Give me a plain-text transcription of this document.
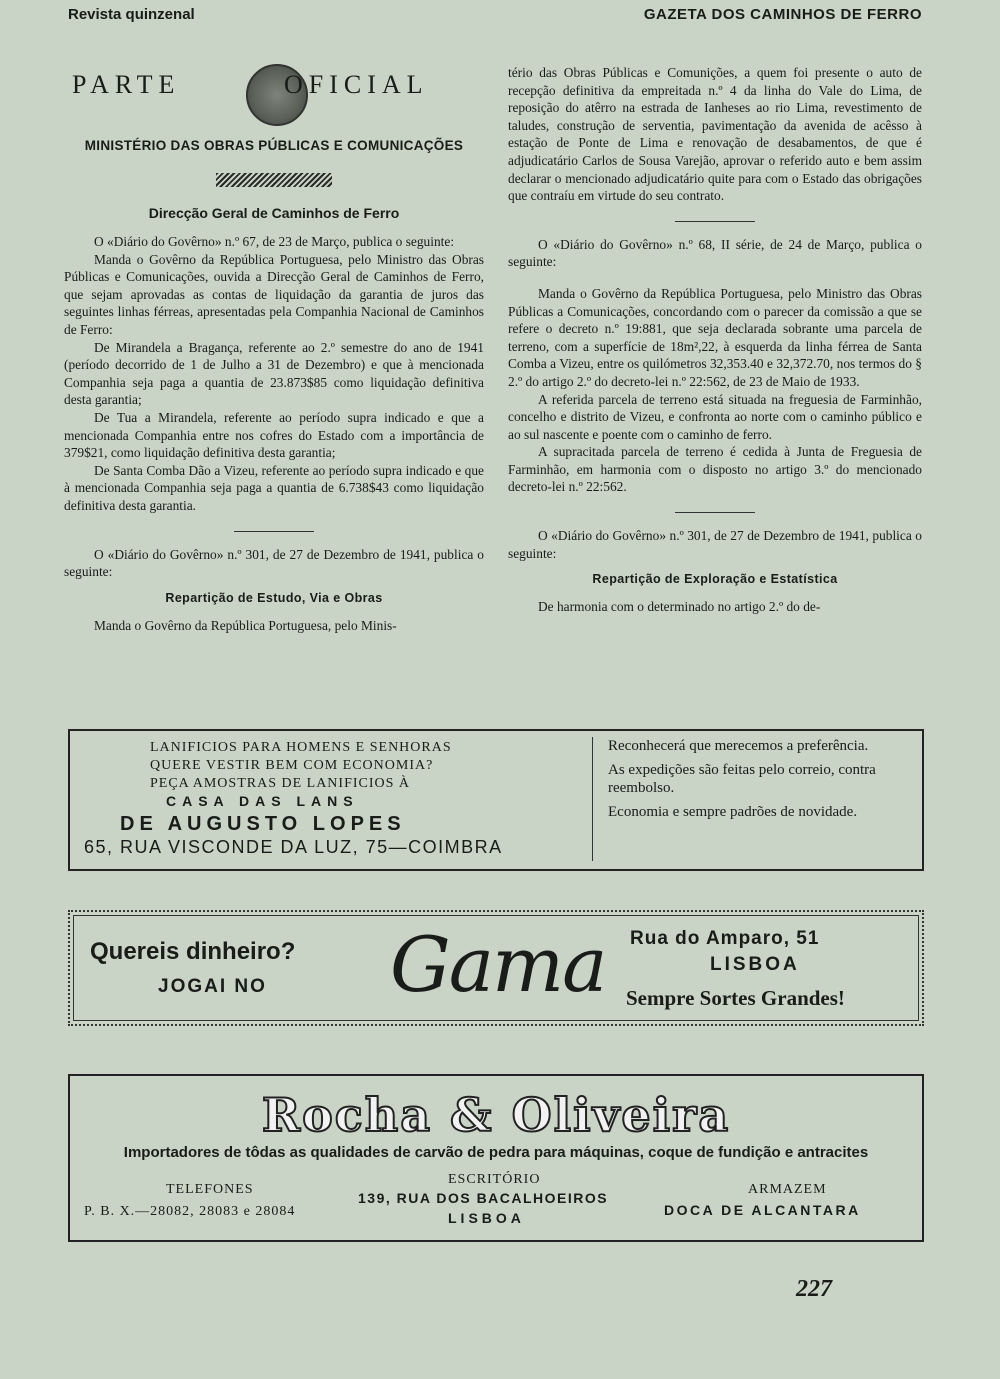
Revista quinzenal	GAZETA DOS CAMINHOS DE FERRO
PARTE	OFICIAL
MINISTÉRIO DAS OBRAS PÚBLICAS E COMUNICAÇÕES
Direcção Geral de Caminhos de Ferro

O «Diário do Govêrno» n.º 67, de 23 de Março, publica o seguinte:

Manda o Govêrno da República Portuguesa, pelo Ministro das Obras Públicas e Comunicações, ouvida a Direcção Geral de Caminhos de Ferro, que sejam aprovadas as contas de liquidação da garantia de juros das seguintes linhas férreas, apresentadas pela Companhia Nacional de Caminhos de Ferro:

De Mirandela a Bragança, referente ao 2.º semestre do ano de 1941 (período decorrido de 1 de Julho a 31 de Dezembro) e que à mencionada Companhia seja paga a quantia de 23.873$85 como liquidação definitiva desta garantia;

De Tua a Mirandela, referente ao período supra indicado e que a mencionada Companhia entre nos cofres do Estado com a importância de 379$21, como liquidação definitiva desta garantia;

De Santa Comba Dão a Vizeu, referente ao período supra indicado e que à mencionada Companhia seja paga a quantia de 6.738$43 como liquidação definitiva desta garantia.

O «Diário do Govêrno» n.º 301, de 27 de Dezembro de 1941, publica o seguinte:

Repartição de Estudo, Via e Obras

Manda o Govêrno da República Portuguesa, pelo Minis-

tério das Obras Públicas e Comunições, a quem foi presente o auto de recepção definitiva da empreitada n.º 4 da linha do Vale do Lima, de reposição do atêrro na estrada de Ianheses ao rio Lima, revestimento de taludes, construção de serventia, pavimentação da avenida de acêsso à estação de Ponte de Lima e renovação de desabamentos, de que é adjudicatário Carlos de Sousa Varejão, aprovar o referido auto e bem assim declarar o mencionado adjudicatário quite para com o Estado das obrigações que contraíu em virtude do seu contrato.

O «Diário do Govêrno» n.º 68, II série, de 24 de Março, publica o seguinte:

Manda o Govêrno da República Portuguesa, pelo Ministro das Obras Públicas a Comunicações, concordando com o parecer da comissão a que se refere o decreto n.º 19:881, que seja declarada sobrante uma parcela de terreno, com a superfície de 18m²,22, à esquerda da linha férrea de Santa Comba a Vizeu, entre os quilómetros 32,353.40 e 32,372.70, nos termos do § 2.º do artigo 2.º do decreto-lei n.º 22:562, de 23 de Maio de 1933.

A referida parcela de terreno está situada na freguesia de Farminhão, concelho e distrito de Vizeu, e confronta ao norte com o caminho público e ao sul nascente e poente com o caminho de ferro.

A supracitada parcela de terreno é cedida à Junta de Freguesia de Farminhão, em harmonia com o disposto no artigo 3.º do mencionado decreto-lei n.º 22:562.

O «Diário do Govêrno» n.º 301, de 27 de Dezembro de 1941, publica o seguinte:

Repartição de Exploração e Estatística

De harmonia com o determinado no artigo 2.º do de-

LANIFICIOS PARA HOMENS E SENHORAS
QUERE VESTIR BEM COM ECONOMIA?
PEÇA AMOSTRAS DE LANIFICIOS À
CASA DAS LANS
DE AUGUSTO LOPES
65, RUA VISCONDE DA LUZ, 75—COIMBRA

Reconhecerá que merecemos a preferência.

As expedições são feitas pelo correio, contra reembolso.

Economia e sempre padrões de novidade.

Quereis dinheiro?
JOGAI NO Gama Rua do Amparo, 51
LISBOA
Sempre Sortes Grandes!
Rocha & Oliveira
Importadores de tôdas as qualidades de carvão de pedra para máquinas, coque de fundição e antracites
TELEFONES
P. B. X.—28082, 28083 e 28084
ESCRITÓRIO
139, RUA DOS BACALHOEIROS
LISBOA
ARMAZEM
DOCA DE ALCANTARA
227
